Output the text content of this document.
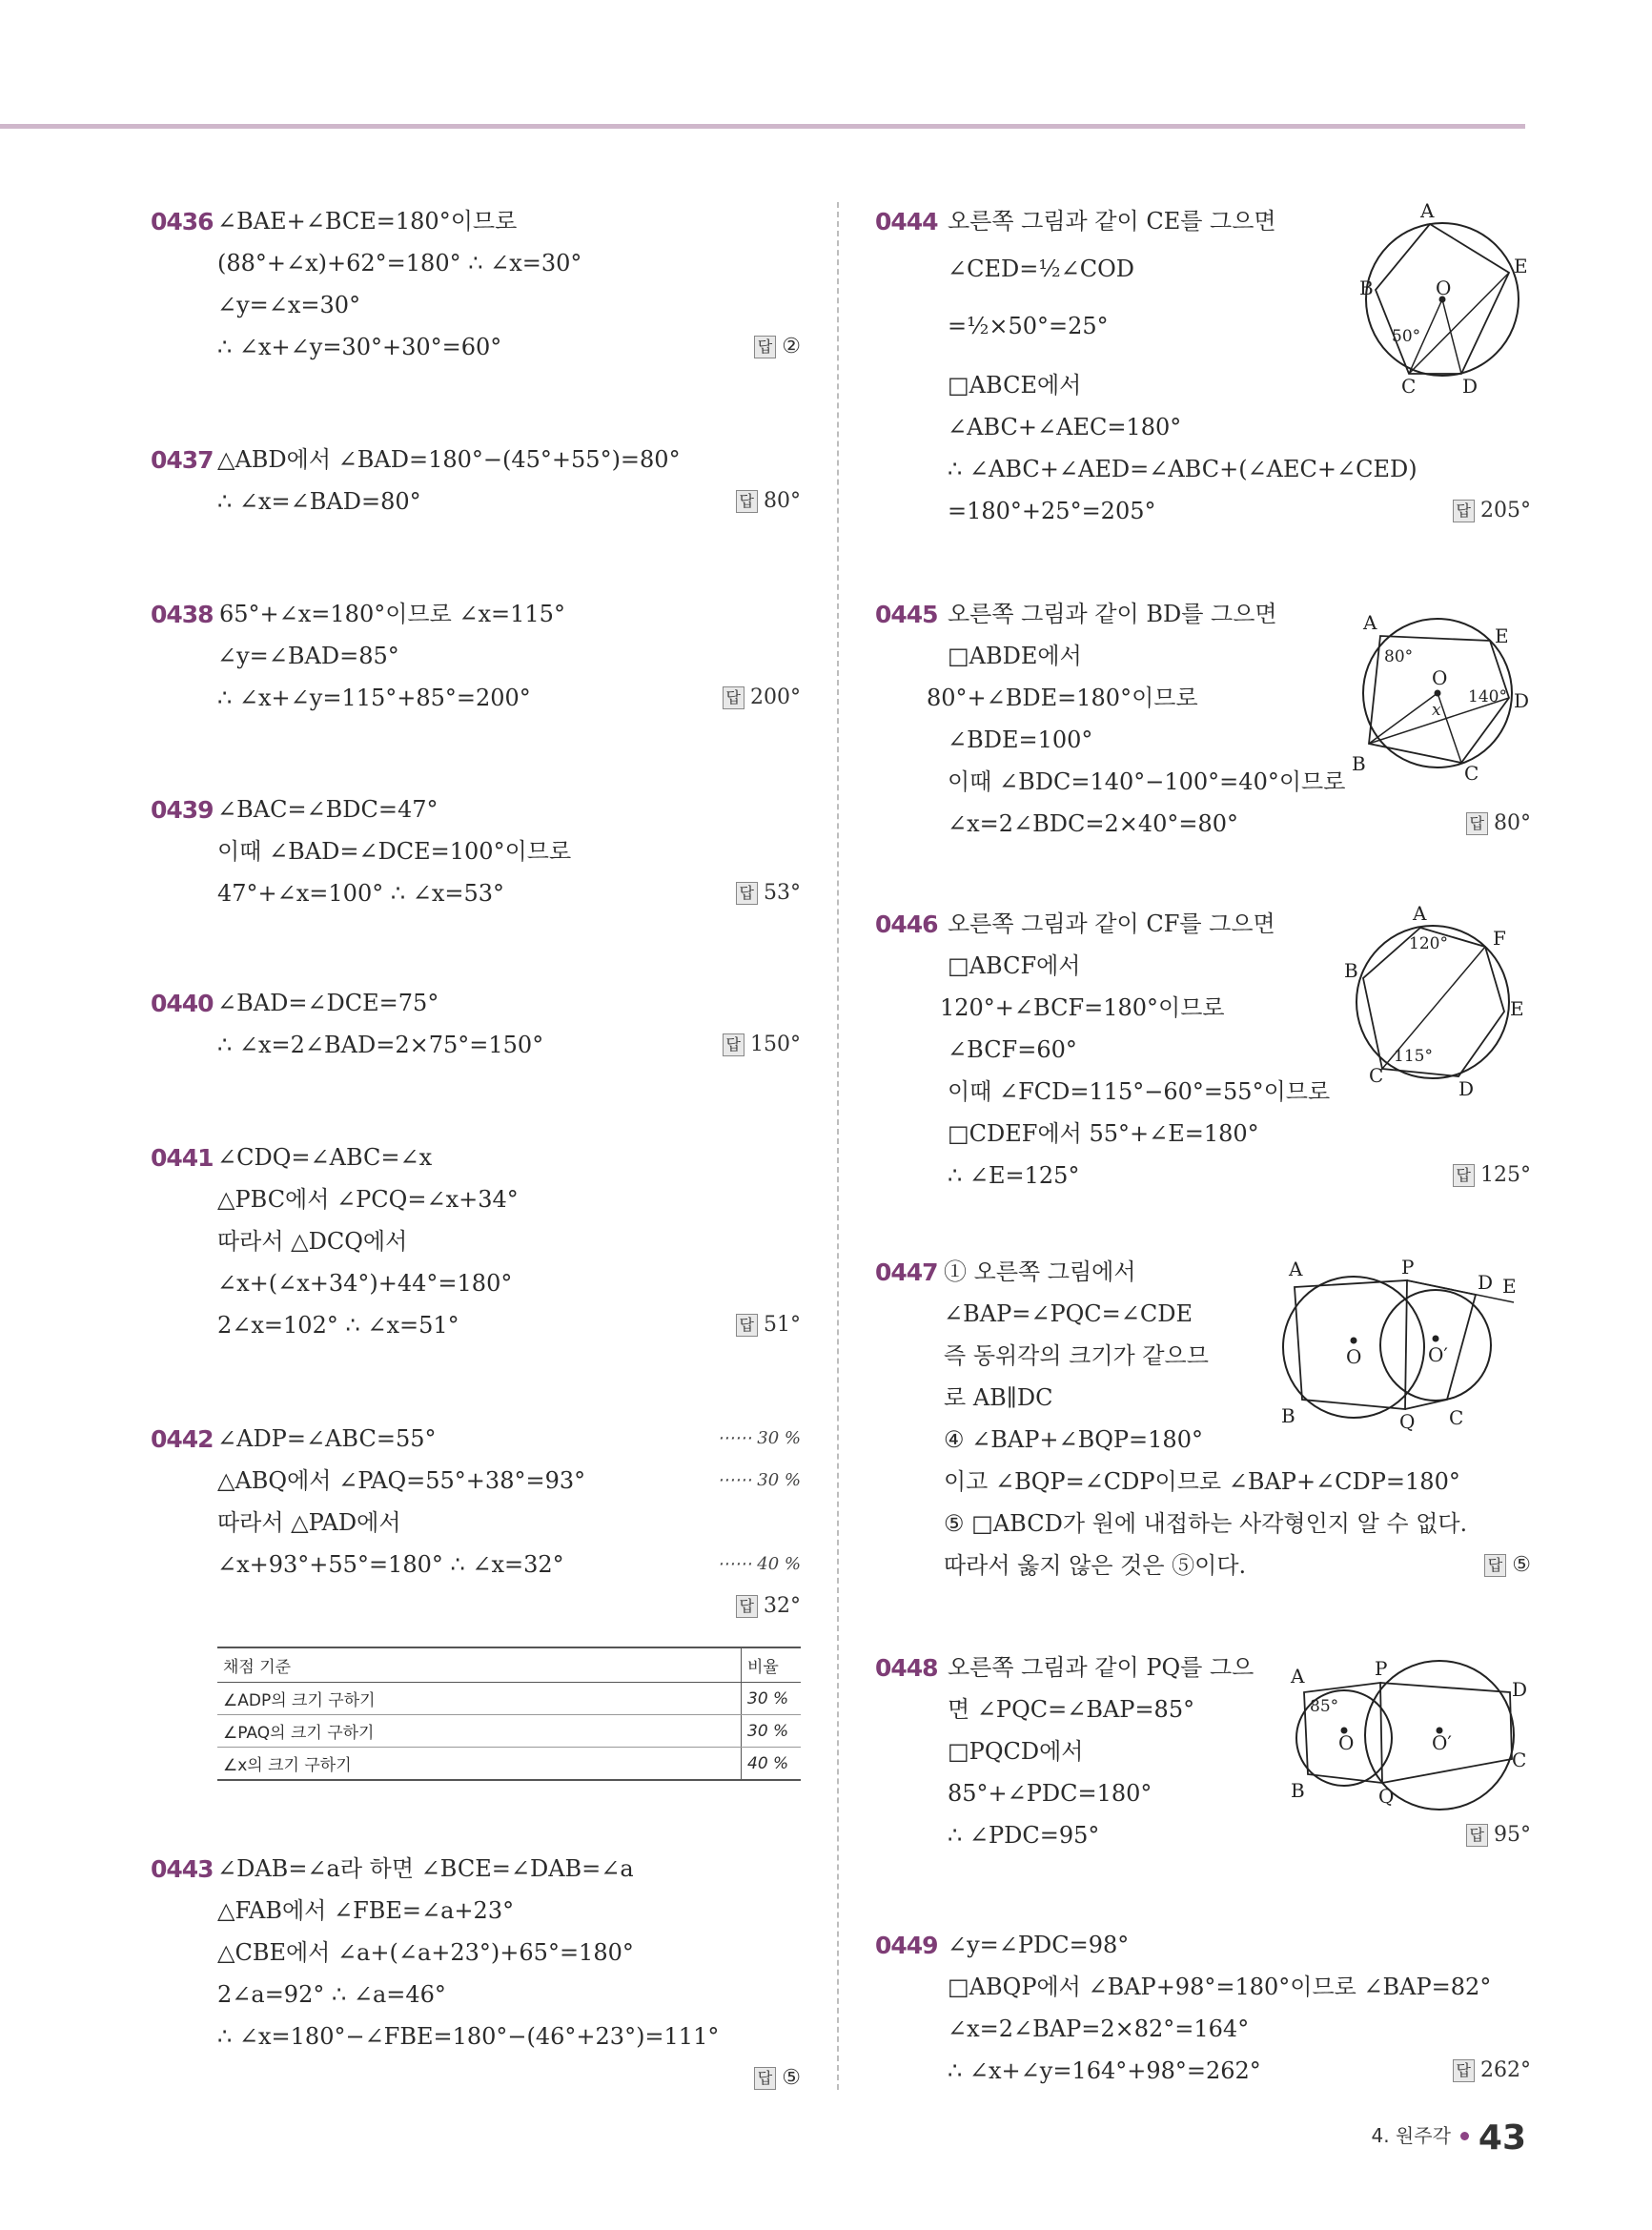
0436 ∠BAE+∠BCE=180°이므로
(88°+∠x)+62°=180° ∴ ∠x=30°
∠y=∠x=30°
∴ ∠x+∠y=30°+30°=60°	답 ②
0437 △ABD에서 ∠BAD=180°−(45°+55°)=80°
∴ ∠x=∠BAD=80°	답 80°
0438 65°+∠x=180°이므로 ∠x=115°
∠y=∠BAD=85°
∴ ∠x+∠y=115°+85°=200°	답 200°
0439 ∠BAC=∠BDC=47°
이때 ∠BAD=∠DCE=100°이므로
47°+∠x=100° ∴ ∠x=53°	답 53°
0440 ∠BAD=∠DCE=75°
∴ ∠x=2∠BAD=2×75°=150°	답 150°
0441 ∠CDQ=∠ABC=∠x
△PBC에서 ∠PCQ=∠x+34°
따라서 △DCQ에서
∠x+(∠x+34°)+44°=180°
2∠x=102° ∴ ∠x=51°	답 51°
0442 ∠ADP=∠ABC=55°	⋯⋯ 30 %
△ABQ에서 ∠PAQ=55°+38°=93°	⋯⋯ 30 %
따라서 △PAD에서
∠x+93°+55°=180° ∴ ∠x=32°	⋯⋯ 40 %
답 32°
채점 기준	비율
∠ADP의 크기 구하기	30 %
∠PAQ의 크기 구하기	30 %
∠x의 크기 구하기	40 %
0443 ∠DAB=∠a라 하면 ∠BCE=∠DAB=∠a
△FAB에서 ∠FBE=∠a+23°
△CBE에서 ∠a+(∠a+23°)+65°=180°
2∠a=92° ∴ ∠a=46°
∴ ∠x=180°−∠FBE=180°−(46°+23°)=111°
답 ⑤
0444 오른쪽 그림과 같이 CE를 그으면
∠CED=½∠COD
=½×50°=25°
□ABCE에서
∠ABC+∠AEC=180°
∴ ∠ABC+∠AED=∠ABC+(∠AEC+∠CED)
=180°+25°=205°	답 205°
A
B
C D
E
O
50°
0445 오른쪽 그림과 같이 BD를 그으면
□ABDE에서
80°+∠BDE=180°이므로
∠BDE=100°
이때 ∠BDC=140°−100°=40°이므로
∠x=2∠BDC=2×40°=80°	답 80°
A
B	C
D
E
O
80°
140°
x
0446 오른쪽 그림과 같이 CF를 그으면
□ABCF에서
120°+∠BCF=180°이므로
∠BCF=60°
이때 ∠FCD=115°−60°=55°이므로
□CDEF에서 55°+∠E=180°
∴ ∠E=125°	답 125°
A
B
C
D
E
F
120°
115°
0447 ① 오른쪽 그림에서
∠BAP=∠PQC=∠CDE
즉 동위각의 크기가 같으므
로 AB∥DC
④ ∠BAP+∠BQP=180°
이고 ∠BQP=∠CDP이므로 ∠BAP+∠CDP=180°
⑤ □ABCD가 원에 내접하는 사각형인지 알 수 없다.
따라서 옳지 않은 것은 ⑤이다.	답 ⑤
A
B	C
D E
P
Q
O	O′
0448 오른쪽 그림과 같이 PQ를 그으
면 ∠PQC=∠BAP=85°
□PQCD에서
85°+∠PDC=180°
∴ ∠PDC=95°	답 95°
A
B
C
D
P
Q
O	O′
85°
0449 ∠y=∠PDC=98°
□ABQP에서 ∠BAP+98°=180°이므로 ∠BAP=82°
∠x=2∠BAP=2×82°=164°
∴ ∠x+∠y=164°+98°=262°	답 262°
4. 원주각 43
